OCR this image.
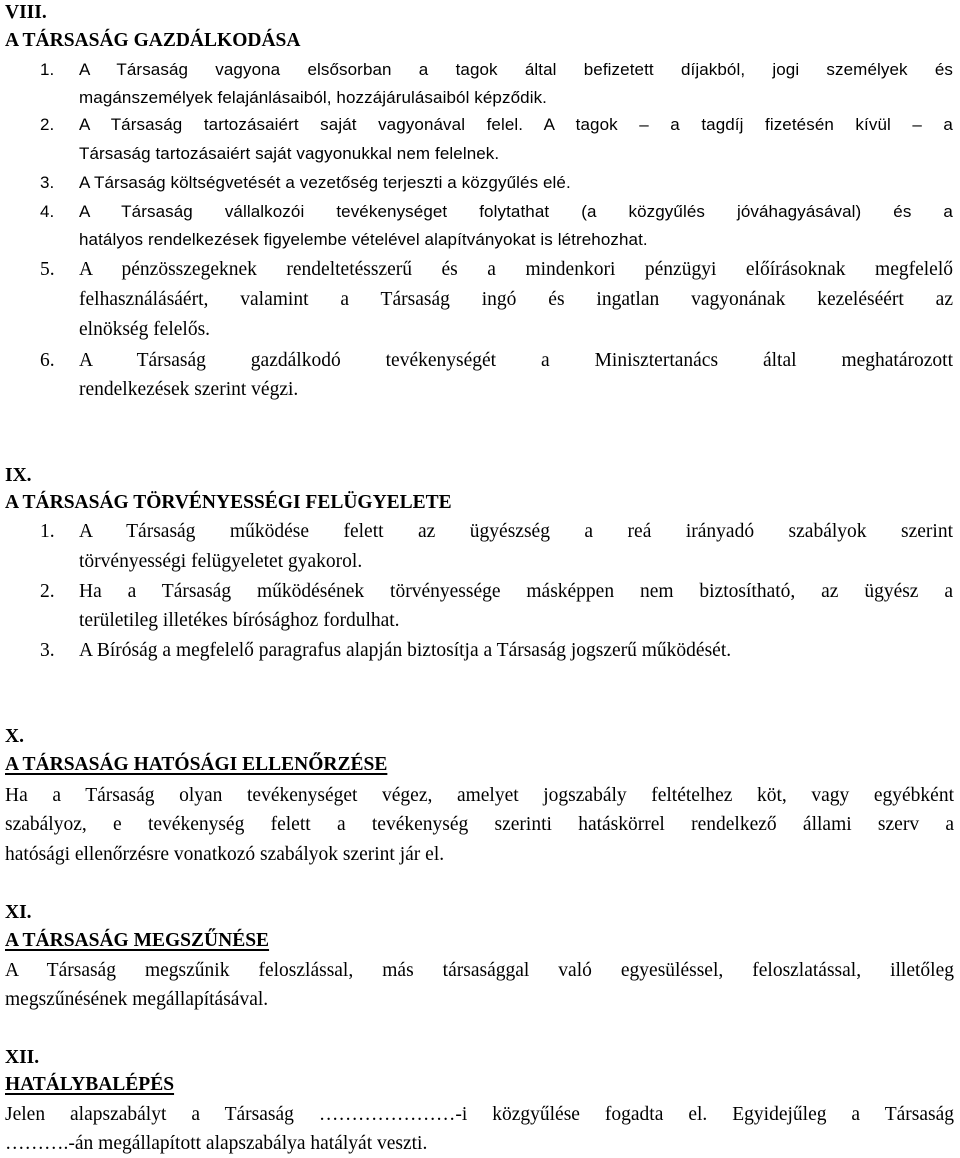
VIII.
A TÁRSASÁG GAZDÁLKODÁSA
1. A Társaság vagyona elsősorban a tagok által befizetett díjakból, jogi személyek és
magánszemélyek felajánlásaiból, hozzájárulásaiból képződik.
2. A Társaság tartozásaiért saját vagyonával felel. A tagok – a tagdíj fizetésén kívül – a
Társaság tartozásaiért saját vagyonukkal nem felelnek.
3. A Társaság költségvetését a vezetőség terjeszti a közgyűlés elé.
4. A Társaság vállalkozói tevékenységet folytathat (a közgyűlés jóváhagyásával) és a
hatályos rendelkezések figyelembe vételével alapítványokat is létrehozhat.
5. A pénzösszegeknek rendeltetésszerű és a mindenkori pénzügyi előírásoknak megfelelő
felhasználásáért, valamint a Társaság ingó és ingatlan vagyonának kezeléséért az
elnökség felelős.
6. A Társaság gazdálkodó tevékenységét a Minisztertanács által meghatározott
rendelkezések szerint végzi.
IX.
A TÁRSASÁG TÖRVÉNYESSÉGI FELÜGYELETE
1. A Társaság működése felett az ügyészség a reá irányadó szabályok szerint
törvényességi felügyeletet gyakorol.
2. Ha a Társaság működésének törvényessége másképpen nem biztosítható, az ügyész a
területileg illetékes bírósághoz fordulhat.
3. A Bíróság a megfelelő paragrafus alapján biztosítja a Társaság jogszerű működését.
X.
A TÁRSASÁG HATÓSÁGI ELLENŐRZÉSE
Ha a Társaság olyan tevékenységet végez, amelyet jogszabály feltételhez köt, vagy egyébként
szabályoz, e tevékenység felett a tevékenység szerinti hatáskörrel rendelkező állami szerv a
hatósági ellenőrzésre vonatkozó szabályok szerint jár el.
XI.
A TÁRSASÁG MEGSZŰNÉSE
A Társaság megszűnik feloszlással, más társasággal való egyesüléssel, feloszlatással, illetőleg
megszűnésének megállapításával.
XII.
HATÁLYBALÉPÉS
Jelen alapszabályt a Társaság …………………-i közgyűlése fogadta el. Egyidejűleg a Társaság
……….-án megállapított alapszabálya hatályát veszti.
